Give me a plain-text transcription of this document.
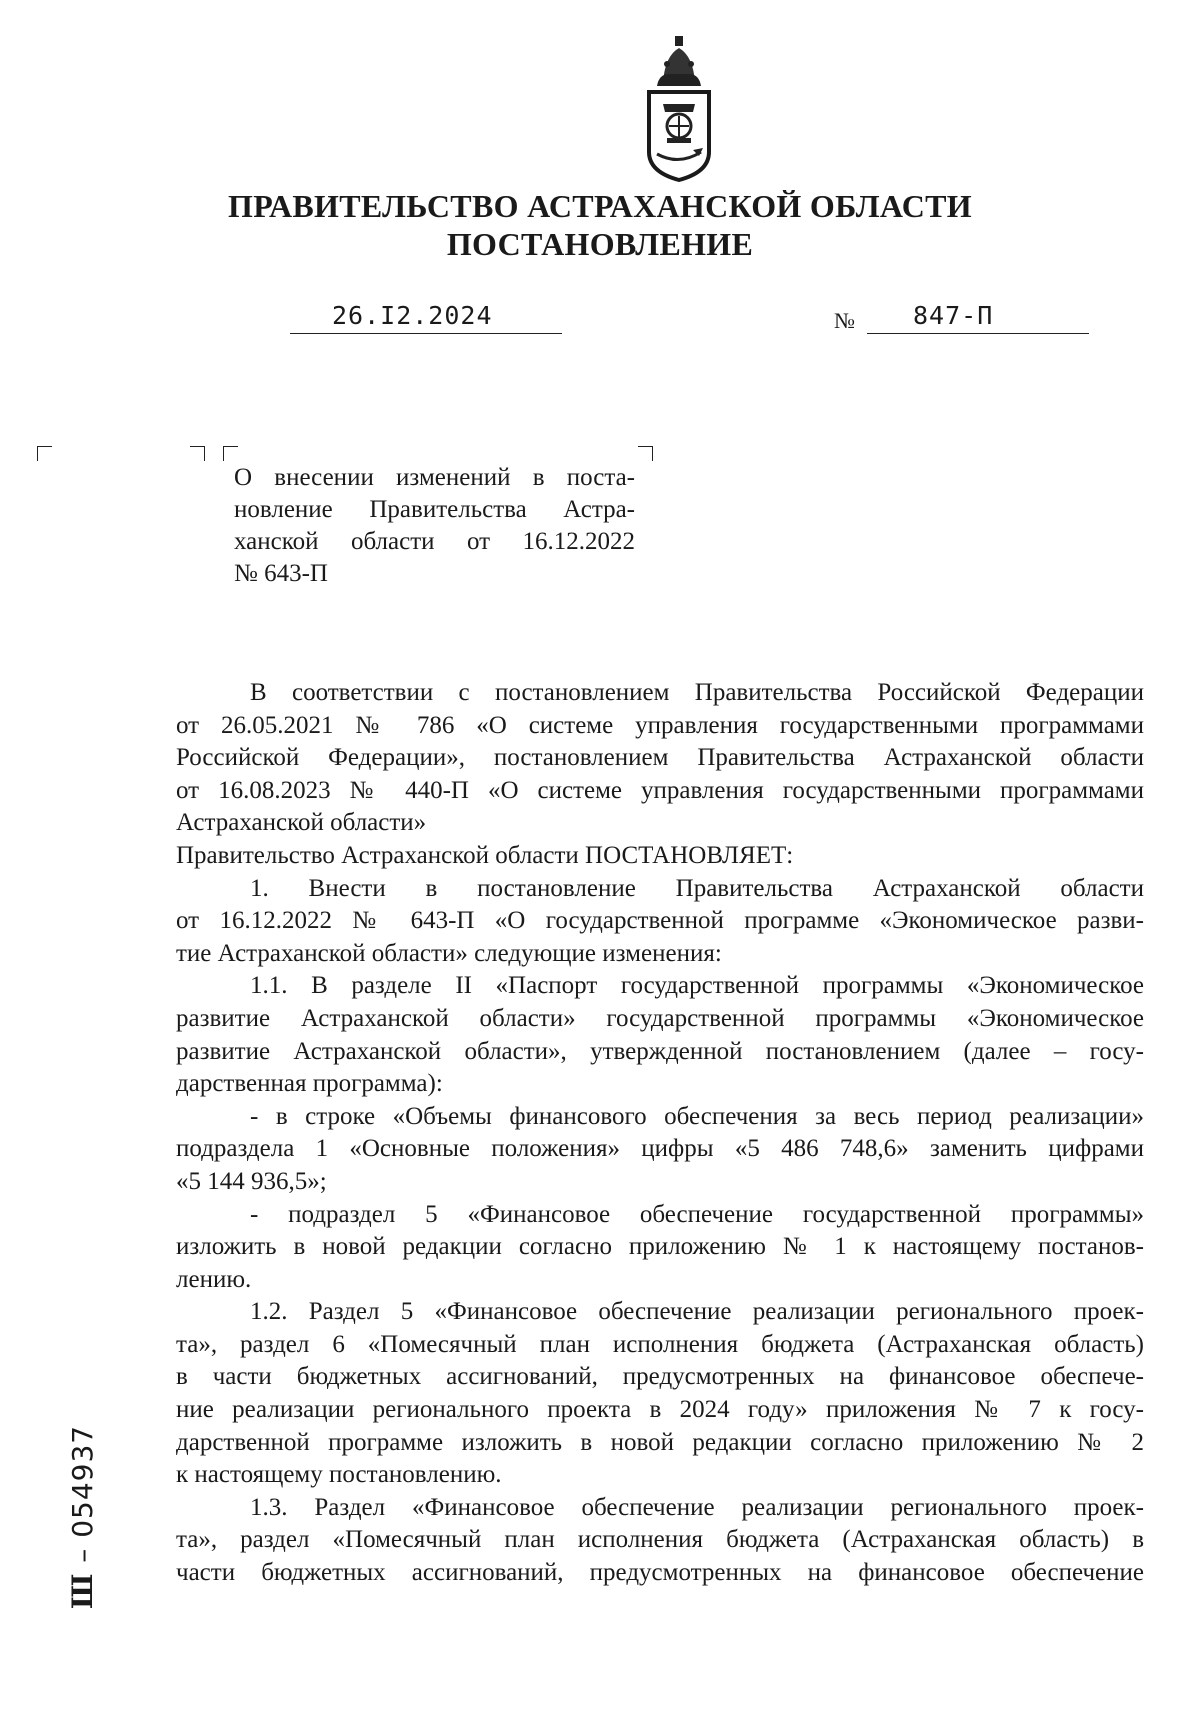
ПРАВИТЕЛЬСТВО АСТРАХАНСКОЙ ОБЛАСТИ
ПОСТАНОВЛЕНИЕ
26.I2.2024	№ 847-П
О внесении изменений в поста-
новление Правительства Астра-
ханской области от 16.12.2022
№ 643-П
В соответствии с постановлением Правительства Российской Федерации
от 26.05.2021 № 786 «О системе управления государственными программами
Российской Федерации», постановлением Правительства Астраханской области
от 16.08.2023 № 440-П «О системе управления государственными программами
Астраханской области»
Правительство Астраханской области ПОСТАНОВЛЯЕТ:
1. Внести в постановление Правительства Астраханской области
от 16.12.2022 № 643-П «О государственной программе «Экономическое разви-
тие Астраханской области» следующие изменения:
1.1. В разделе II «Паспорт государственной программы «Экономическое
развитие Астраханской области» государственной программы «Экономическое
развитие Астраханской области», утвержденной постановлением (далее – госу-
дарственная программа):
- в строке «Объемы финансового обеспечения за весь период реализации»
подраздела 1 «Основные положения» цифры «5 486 748,6» заменить цифрами
«5 144 936,5»;
- подраздел 5 «Финансовое обеспечение государственной программы»
изложить в новой редакции согласно приложению № 1 к настоящему постанов-
лению.
1.2. Раздел 5 «Финансовое обеспечение реализации регионального проек-
та», раздел 6 «Помесячный план исполнения бюджета (Астраханская область)
в части бюджетных ассигнований, предусмотренных на финансовое обеспече-
ние реализации регионального проекта в 2024 году» приложения № 7 к госу-
дарственной программе изложить в новой редакции согласно приложению № 2
к настоящему постановлению.
1.3. Раздел «Финансовое обеспечение реализации регионального проек-
та», раздел «Помесячный план исполнения бюджета (Астраханская область) в
части бюджетных ассигнований, предусмотренных на финансовое обеспечение
Ш – 054937
